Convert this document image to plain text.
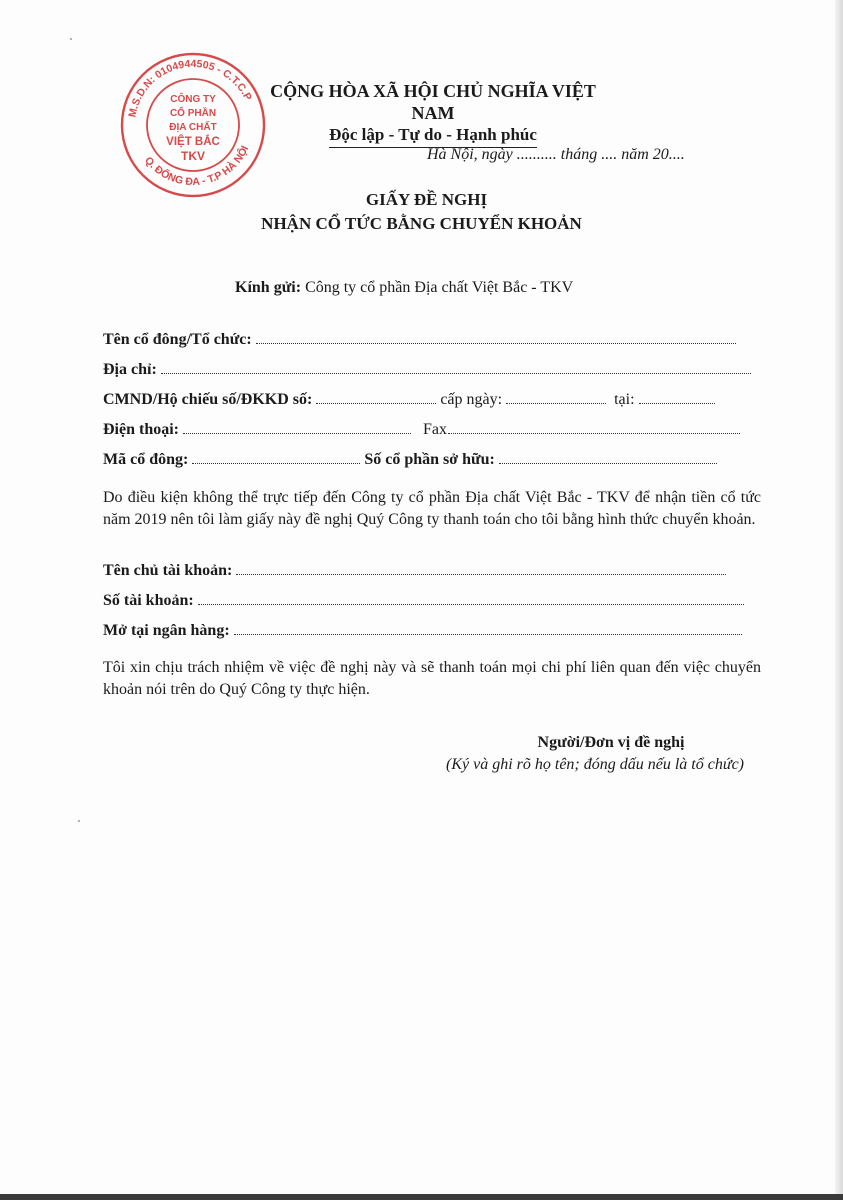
M.S.D.N: 0104944505 - C.T.C.P
Q. ĐỐNG ĐA - T.P HÀ NỘI
CÔNG TY
CỔ PHẦN
ĐỊA CHẤT
VIỆT BẮC
TKV
CỘNG HÒA XÃ HỘI CHỦ NGHĨA VIỆT NAM
Độc lập - Tự do - Hạnh phúc
Hà Nội, ngày .......... tháng .... năm 20....
GIẤY ĐỀ NGHỊ
NHẬN CỔ TỨC BẰNG CHUYỂN KHOẢN
Kính gửi: Công ty cổ phần Địa chất Việt Bắc - TKV
Tên cổ đông/Tổ chức:
Địa chỉ:
CMND/Hộ chiếu số/ĐKKD số:	cấp ngày:	tại:
Điện thoại:	Fax
Mã cổ đông:	Số cổ phần sở hữu:
Do điều kiện không thể trực tiếp đến Công ty cổ phần Địa chất Việt Bắc - TKV để nhận tiền cổ tức năm 2019 nên tôi làm giấy này đề nghị Quý Công ty thanh toán cho tôi bằng hình thức chuyển khoản.
Tên chủ tài khoản:
Số tài khoản:
Mở tại ngân hàng:
Tôi xin chịu trách nhiệm về việc đề nghị này và sẽ thanh toán mọi chi phí liên quan đến việc chuyển khoản nói trên do Quý Công ty thực hiện.
Người/Đơn vị đề nghị
(Ký và ghi rõ họ tên; đóng dấu nếu là tổ chức)
